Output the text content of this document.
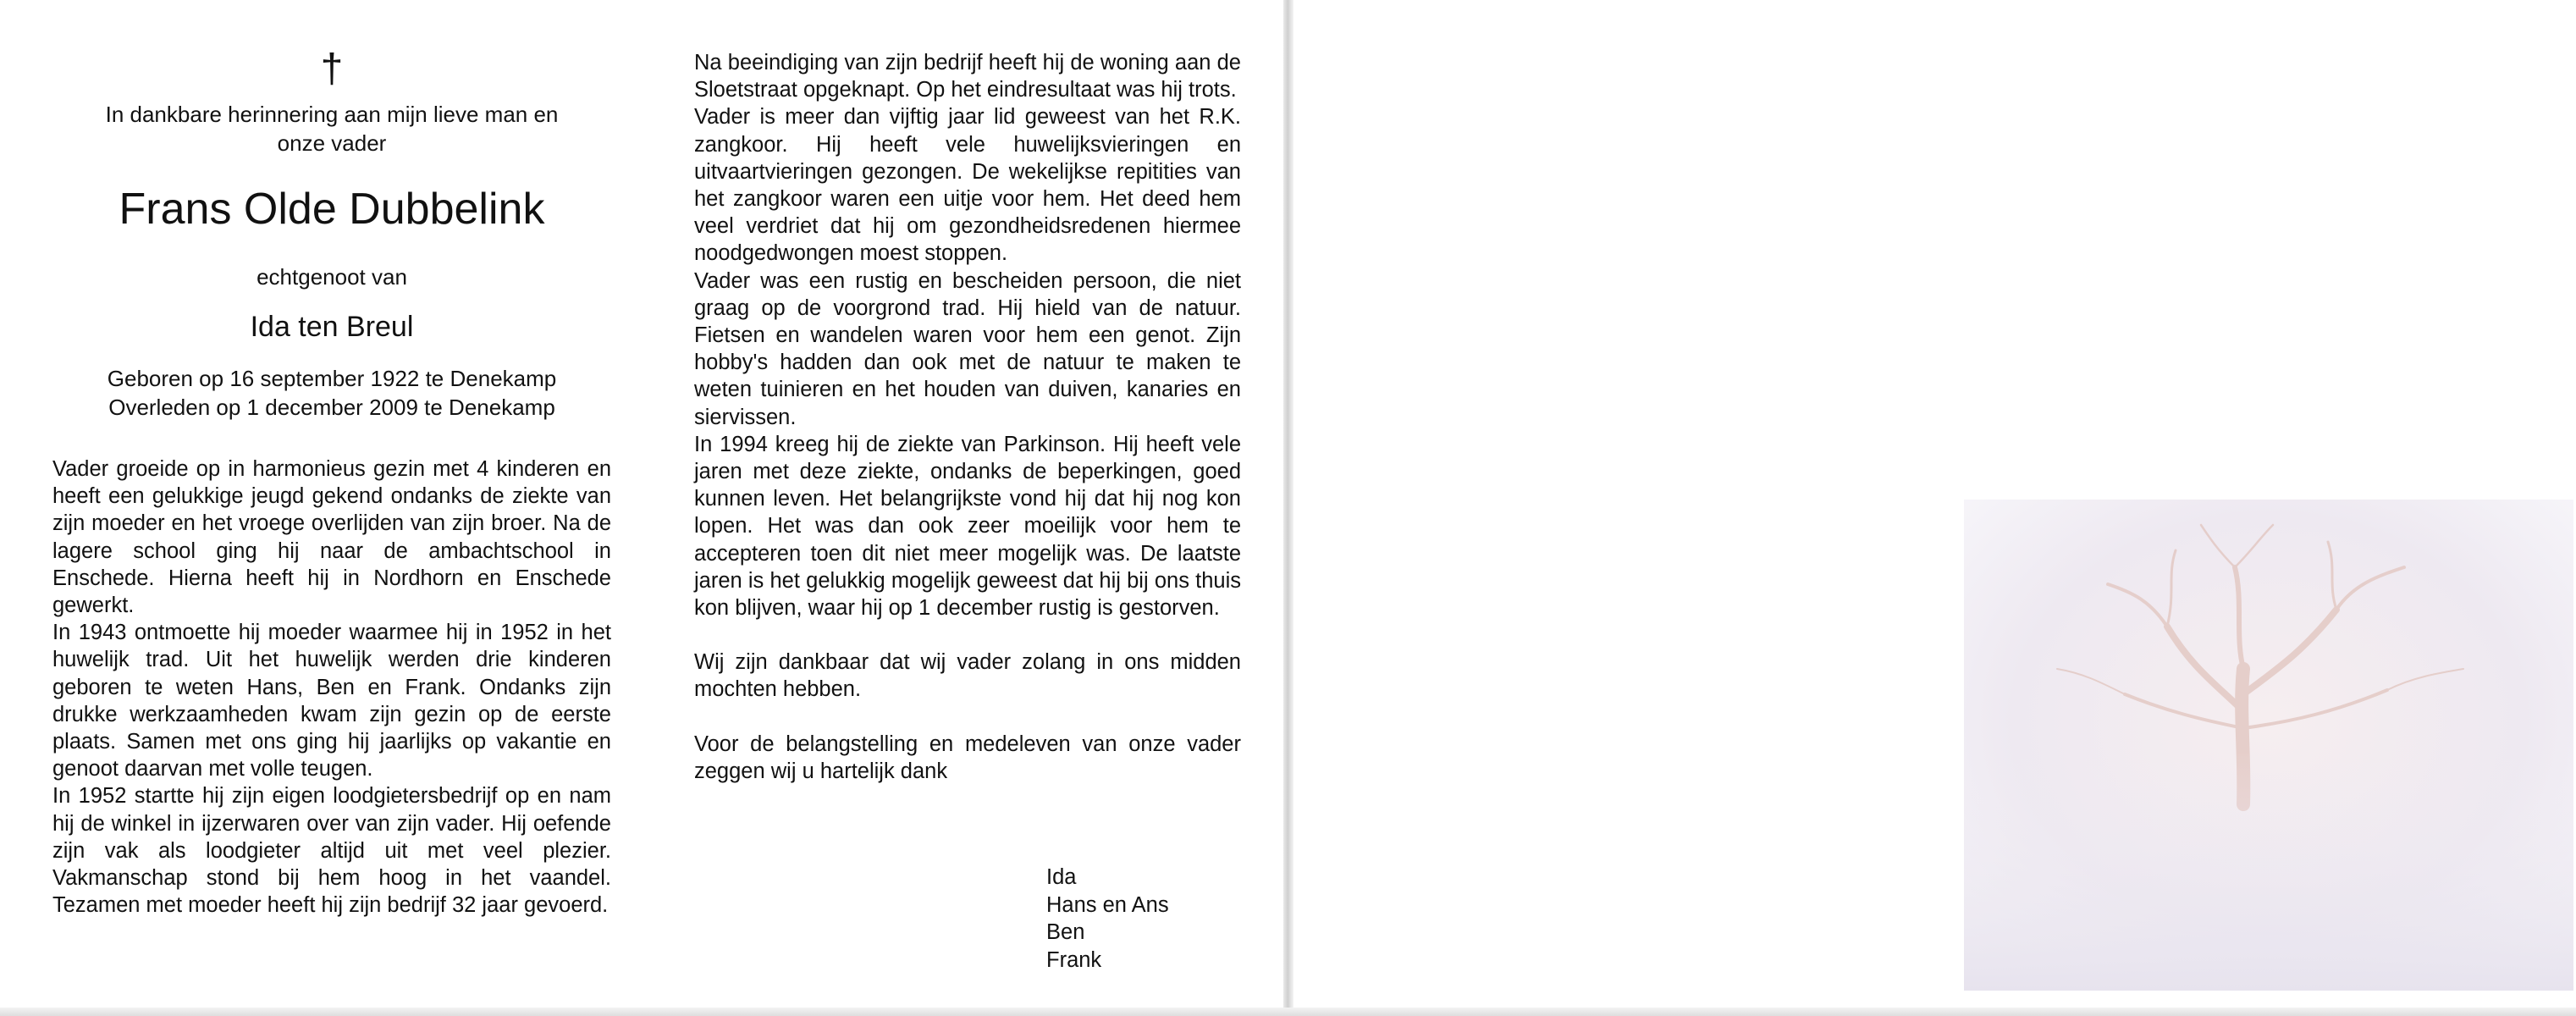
†
In dankbare herinnering aan mijn lieve man en
onze vader
Frans Olde Dubbelink
echtgenoot van
Ida ten Breul
Geboren op 16 september 1922 te Denekamp
Overleden op 1 december 2009 te Denekamp

Vader groeide op in harmonieus gezin met 4 kinderen en heeft een gelukkige jeugd gekend ondanks de ziekte van zijn moeder en het vroege overlijden van zijn broer. Na de lagere school ging hij naar de ambachtschool in Enschede. Hierna heeft hij in Nordhorn en Enschede gewerkt.

In 1943 ontmoette hij moeder waarmee hij in 1952 in het huwelijk trad. Uit het huwelijk werden drie kinderen geboren te weten Hans, Ben en Frank. Ondanks zijn drukke werkzaamheden kwam zijn gezin op de eerste plaats. Samen met ons ging hij jaarlijks op vakantie en genoot daarvan met volle teugen.

In 1952 startte hij zijn eigen loodgietersbedrijf op en nam hij de winkel in ijzerwaren over van zijn vader. Hij oefende zijn vak als loodgieter altijd uit met veel plezier. Vakmanschap stond bij hem hoog in het vaandel. Tezamen met moeder heeft hij zijn bedrijf 32 jaar gevoerd.

Na beeindiging van zijn bedrijf heeft hij de woning aan de Sloetstraat opgeknapt. Op het eindresultaat was hij trots.

Vader is meer dan vijftig jaar lid geweest van het R.K. zangkoor. Hij heeft vele huwelijksvieringen en uitvaartvieringen gezongen. De wekelijkse repitities van het zangkoor waren een uitje voor hem. Het deed hem veel verdriet dat hij om gezondheidsredenen hiermee noodgedwongen moest stoppen.

Vader was een rustig en bescheiden persoon, die niet graag op de voorgrond trad. Hij hield van de natuur. Fietsen en wandelen waren voor hem een genot. Zijn hobby's hadden dan ook met de natuur te maken te weten tuinieren en het houden van duiven, kanaries en siervissen.

In 1994 kreeg hij de ziekte van Parkinson. Hij heeft vele jaren met deze ziekte, ondanks de beperkingen, goed kunnen leven. Het belangrijkste vond hij dat hij nog kon lopen. Het was dan ook zeer moeilijk voor hem te accepteren toen dit niet meer mogelijk was. De laatste jaren is het gelukkig mogelijk geweest dat hij bij ons thuis kon blijven, waar hij op 1 december rustig is gestorven.

Wij zijn dankbaar dat wij vader zolang in ons midden mochten hebben.

Voor de belangstelling en medeleven van onze vader zeggen wij u hartelijk dank

Ida
Hans en Ans
Ben
Frank
